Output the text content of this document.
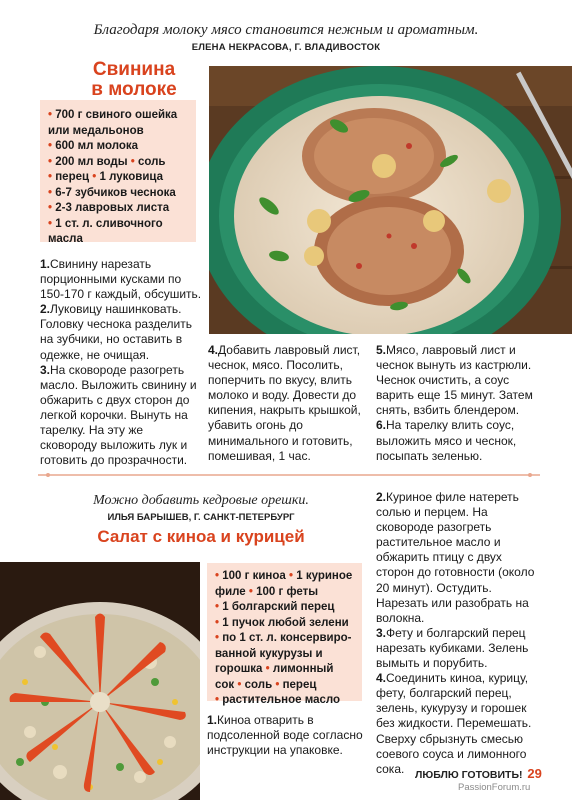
Благодаря молоку мясо становится нежным и ароматным.
ЕЛЕНА НЕКРАСОВА, Г. ВЛАДИВОСТОК
Свинина
в молоке
• 700 г свиного ошейка
или медальонов
• 600 мл молока
• 200 мл воды • соль
• перец • 1 луковица
• 6-7 зубчиков чеснока
• 2-3 лавровых листа
• 1 ст. л. сливочного
масла

1.Свинину нарезать порционными кусками по 150-170 г каждый, обсушить.

2.Луковицу нашинковать. Головку чеснока разделить на зубчики, но оставить в одежке, не очищая.

3.На сковороде разогреть масло. Выложить свинину и обжарить с двух сторон до легкой корочки. Вынуть на тарелку. На эту же сковороду выложить лук и готовить до прозрачности.

4.Добавить лавровый лист, чеснок, мясо. Посолить, поперчить по вкусу, влить молоко и воду. Довести до кипения, накрыть крышкой, убавить огонь до минимального и готовить, помешивая, 1 час.

5.Мясо, лавровый лист и чеснок вынуть из кастрюли. Чеснок очистить, а соус варить еще 15 минут. Затем снять, взбить блендером.

6.На тарелку влить соус, выложить мясо и чеснок, посыпать зеленью.

Можно добавить кедровые орешки.
ИЛЬЯ БАРЫШЕВ, Г. САНКТ-ПЕТЕРБУРГ
Салат с киноа и курицей
• 100 г киноа • 1 куриное
филе • 100 г феты
• 1 болгарский перец
• 1 пучок любой зелени
• по 1 ст. л. консервиро-
ванной кукурузы и
горошка • лимонный
сок • соль • перец
• растительное масло

1.Киноа отварить в подсоленной воде согласно инструкции на упаковке.

2.Куриное филе натереть солью и перцем. На сковороде разогреть растительное масло и обжарить птицу с двух сторон до готовности (около 20 минут). Остудить. Нарезать или разобрать на волокна.

3.Фету и болгарский перец нарезать кубиками. Зелень вымыть и порубить.

4.Соединить киноа, курицу, фету, болгарский перец, зелень, кукурузу и горошек без жидкости. Перемешать. Сверху сбрызнуть смесью соевого соуса и лимонного сока.	ЛЮБЛЮ ГОТОВИТЬ! 29
PassionForum.ru
